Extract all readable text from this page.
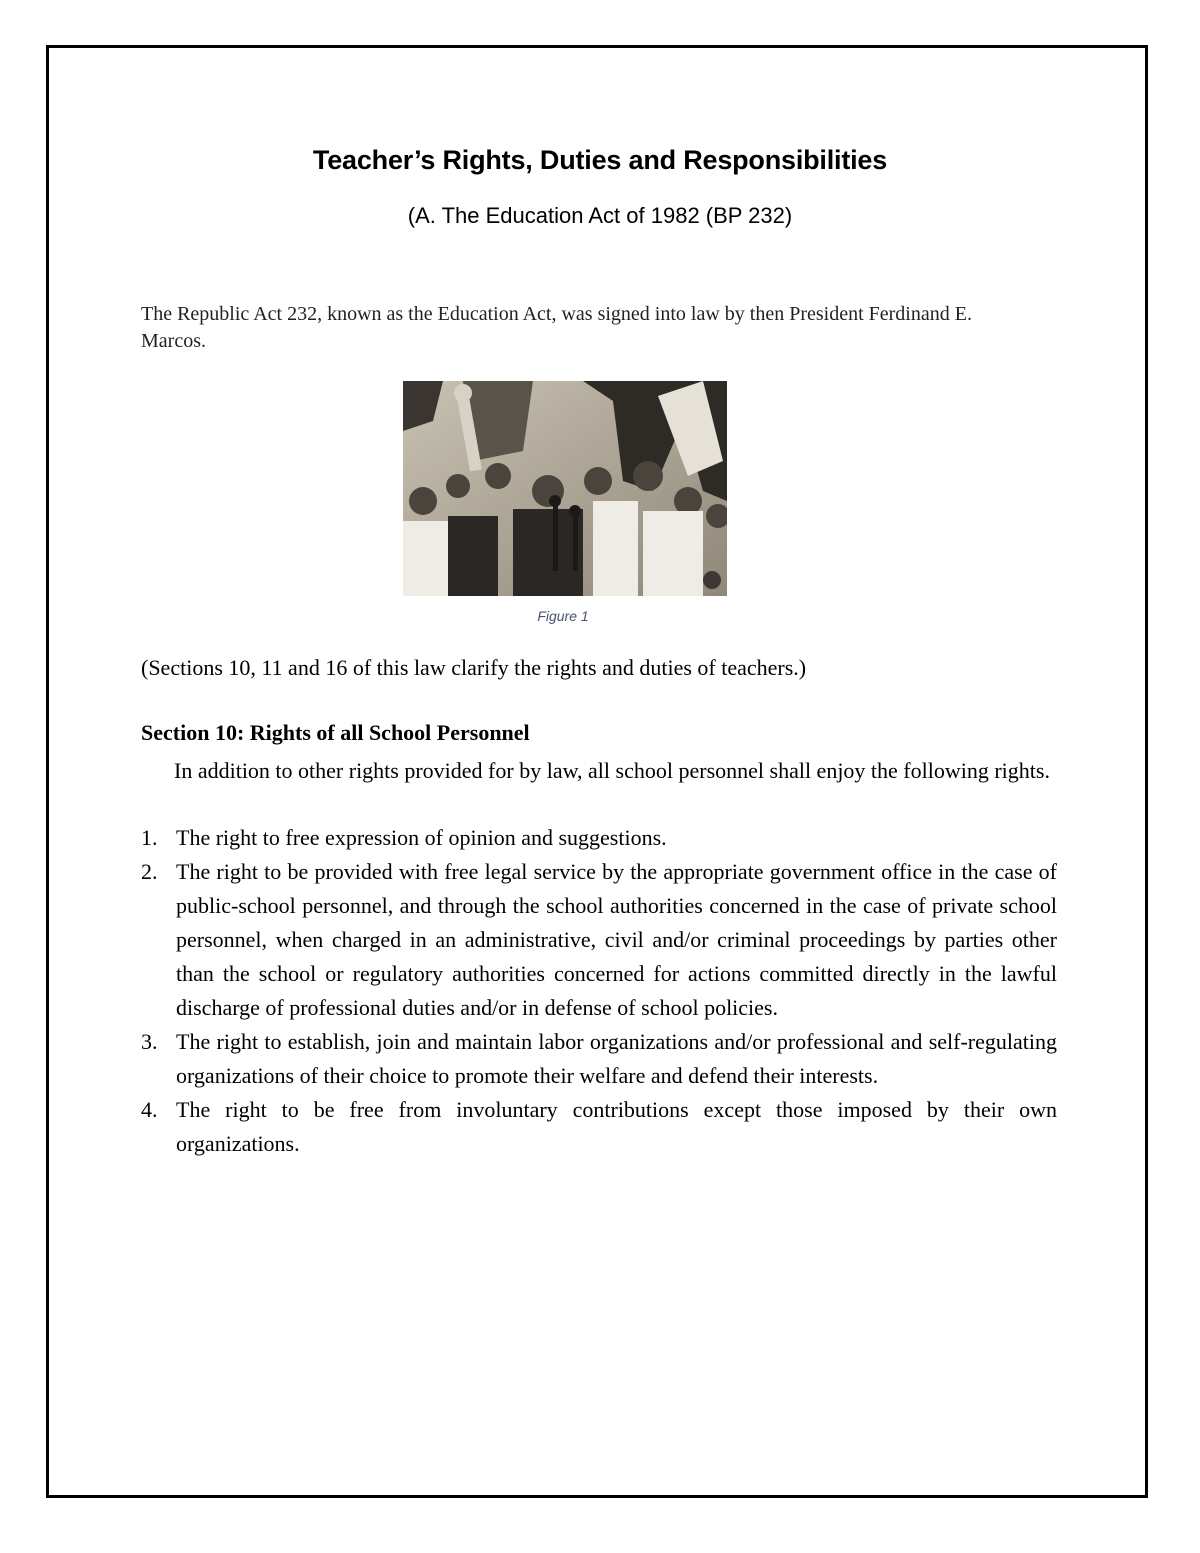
Teacher’s Rights, Duties and Responsibilities
(A. The Education Act of 1982 (BP 232)
The Republic Act 232, known as the Education Act, was signed into law by then President Ferdinand E. Marcos.
Figure 1
(Sections 10, 11 and 16 of this law clarify the rights and duties of teachers.)
Section 10: Rights of all School Personnel
In addition to other rights provided for by law, all school personnel shall enjoy the following rights.
1. The right to free expression of opinion and suggestions.
2. The right to be provided with free legal service by the appropriate government office in the case of public-school personnel, and through the school authorities concerned in the case of private school personnel, when charged in an administrative, civil and/or criminal proceedings by parties other than the school or regulatory authorities concerned for actions committed directly in the lawful discharge of professional duties and/or in defense of school policies.
3. The right to establish, join and maintain labor organizations and/or professional and self-regulating organizations of their choice to promote their welfare and defend their interests.
4. The right to be free from involuntary contributions except those imposed by their own organizations.
